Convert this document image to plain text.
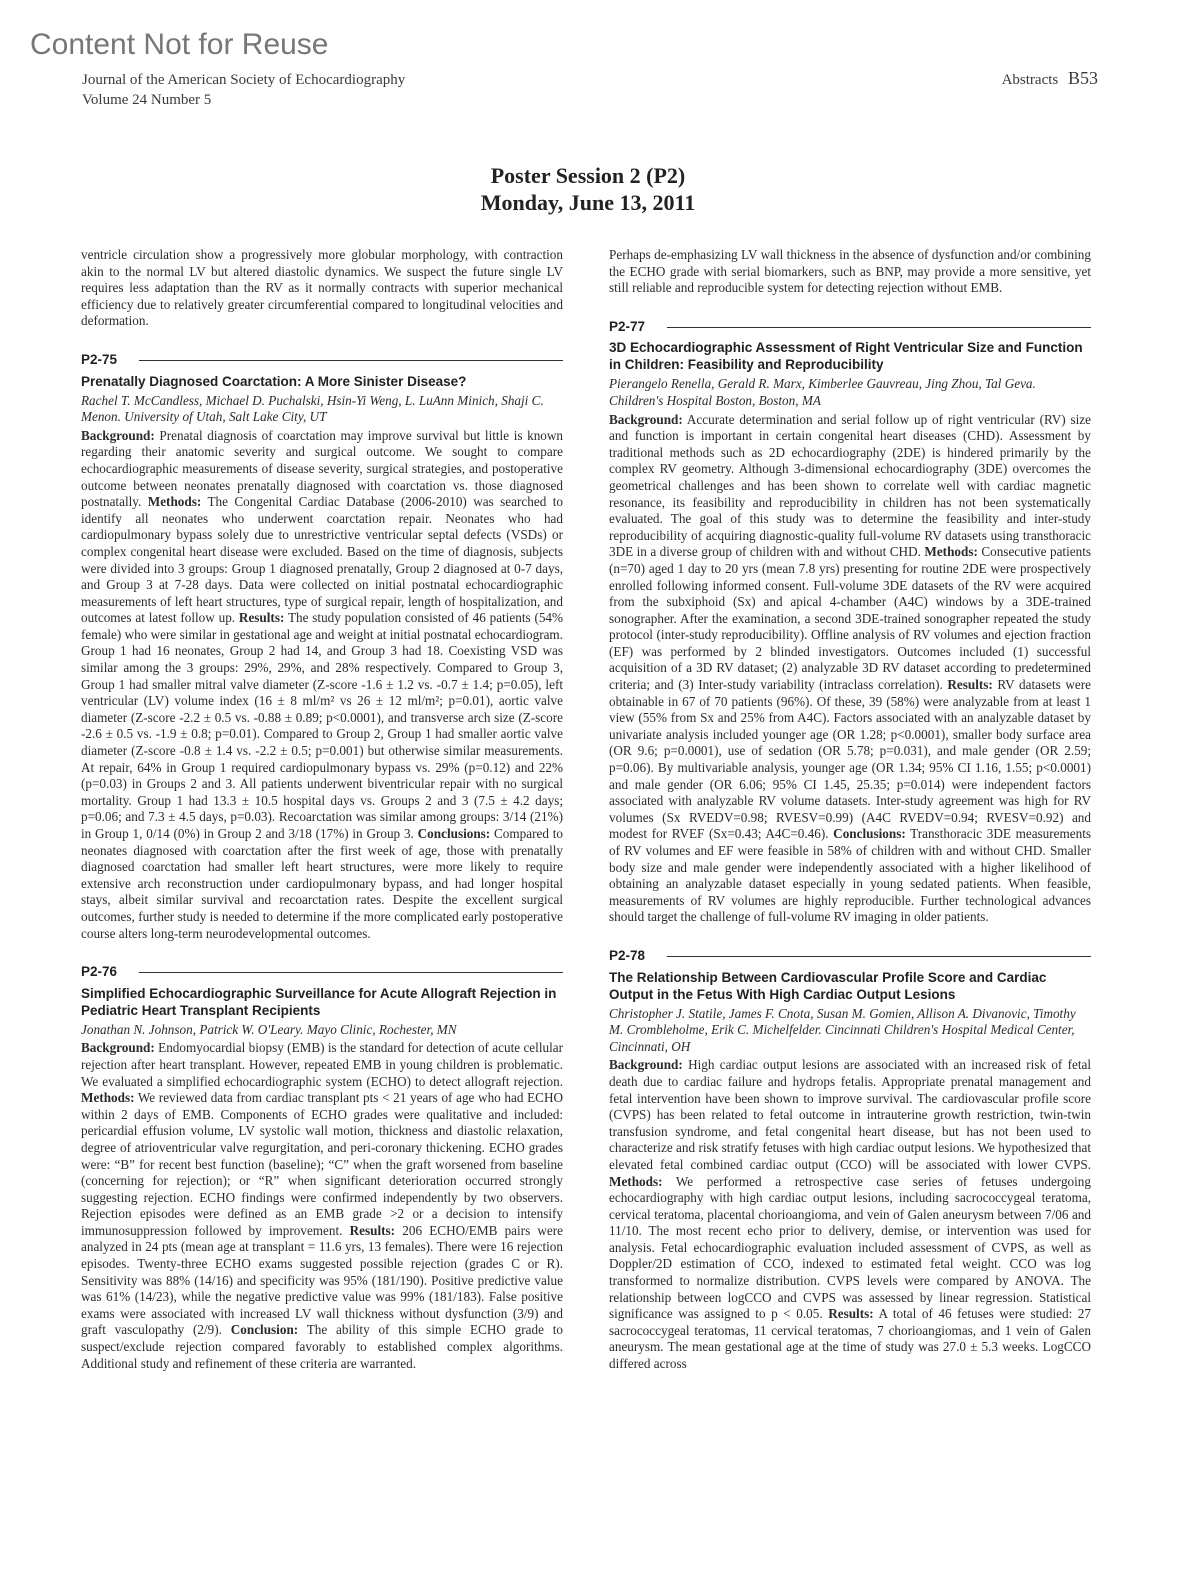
Content Not for Reuse
Journal of the American Society of Echocardiography
Volume 24 Number 5
Abstracts B53
Poster Session 2 (P2)
Monday, June 13, 2011

ventricle circulation show a progressively more globular morphology, with contraction akin to the normal LV but altered diastolic dynamics. We suspect the future single LV requires less adaptation than the RV as it normally contracts with superior mechanical efficiency due to relatively greater circumferential compared to longitudinal velocities and deformation.

P2-75
Prenatally Diagnosed Coarctation: A More Sinister Disease?
Rachel T. McCandless, Michael D. Puchalski, Hsin-Yi Weng, L. LuAnn Minich, Shaji C. Menon. University of Utah, Salt Lake City, UT

Background: Prenatal diagnosis of coarctation may improve survival but little is known regarding their anatomic severity and surgical outcome. We sought to compare echocardiographic measurements of disease severity, surgical strategies, and postoperative outcome between neonates prenatally diagnosed with coarctation vs. those diagnosed postnatally. Methods: The Congenital Cardiac Database (2006-2010) was searched to identify all neonates who underwent coarctation repair. Neonates who had cardiopulmonary bypass solely due to unrestrictive ventricular septal defects (VSDs) or complex congenital heart disease were excluded. Based on the time of diagnosis, subjects were divided into 3 groups: Group 1 diagnosed prenatally, Group 2 diagnosed at 0-7 days, and Group 3 at 7-28 days. Data were collected on initial postnatal echocardiographic measurements of left heart structures, type of surgical repair, length of hospitalization, and outcomes at latest follow up. Results: The study population consisted of 46 patients (54% female) who were similar in gestational age and weight at initial postnatal echocardiogram. Group 1 had 16 neonates, Group 2 had 14, and Group 3 had 18. Coexisting VSD was similar among the 3 groups: 29%, 29%, and 28% respectively. Compared to Group 3, Group 1 had smaller mitral valve diameter (Z-score -1.6 ± 1.2 vs. -0.7 ± 1.4; p=0.05), left ventricular (LV) volume index (16 ± 8 ml/m² vs 26 ± 12 ml/m²; p=0.01), aortic valve diameter (Z-score -2.2 ± 0.5 vs. -0.88 ± 0.89; p<0.0001), and transverse arch size (Z-score -2.6 ± 0.5 vs. -1.9 ± 0.8; p=0.01). Compared to Group 2, Group 1 had smaller aortic valve diameter (Z-score -0.8 ± 1.4 vs. -2.2 ± 0.5; p=0.001) but otherwise similar measurements. At repair, 64% in Group 1 required cardiopulmonary bypass vs. 29% (p=0.12) and 22% (p=0.03) in Groups 2 and 3. All patients underwent biventricular repair with no surgical mortality. Group 1 had 13.3 ± 10.5 hospital days vs. Groups 2 and 3 (7.5 ± 4.2 days; p=0.06; and 7.3 ± 4.5 days, p=0.03). Recoarctation was similar among groups: 3/14 (21%) in Group 1, 0/14 (0%) in Group 2 and 3/18 (17%) in Group 3. Conclusions: Compared to neonates diagnosed with coarctation after the first week of age, those with prenatally diagnosed coarctation had smaller left heart structures, were more likely to require extensive arch reconstruction under cardiopulmonary bypass, and had longer hospital stays, albeit similar survival and recoarctation rates. Despite the excellent surgical outcomes, further study is needed to determine if the more complicated early postoperative course alters long-term neurodevelopmental outcomes.

P2-76
Simplified Echocardiographic Surveillance for Acute Allograft Rejection in Pediatric Heart Transplant Recipients
Jonathan N. Johnson, Patrick W. O'Leary. Mayo Clinic, Rochester, MN

Background: Endomyocardial biopsy (EMB) is the standard for detection of acute cellular rejection after heart transplant. However, repeated EMB in young children is problematic. We evaluated a simplified echocardiographic system (ECHO) to detect allograft rejection. Methods: We reviewed data from cardiac transplant pts < 21 years of age who had ECHO within 2 days of EMB. Components of ECHO grades were qualitative and included: pericardial effusion volume, LV systolic wall motion, thickness and diastolic relaxation, degree of atrioventricular valve regurgitation, and peri-coronary thickening. ECHO grades were: “B” for recent best function (baseline); “C” when the graft worsened from baseline (concerning for rejection); or “R” when significant deterioration occurred strongly suggesting rejection. ECHO findings were confirmed independently by two observers. Rejection episodes were defined as an EMB grade >2 or a decision to intensify immunosuppression followed by improvement. Results: 206 ECHO/EMB pairs were analyzed in 24 pts (mean age at transplant = 11.6 yrs, 13 females). There were 16 rejection episodes. Twenty-three ECHO exams suggested possible rejection (grades C or R). Sensitivity was 88% (14/16) and specificity was 95% (181/190). Positive predictive value was 61% (14/23), while the negative predictive value was 99% (181/183). False positive exams were associated with increased LV wall thickness without dysfunction (3/9) and graft vasculopathy (2/9). Conclusion: The ability of this simple ECHO grade to suspect/exclude rejection compared favorably to established complex algorithms. Additional study and refinement of these criteria are warranted.

Perhaps de-emphasizing LV wall thickness in the absence of dysfunction and/or combining the ECHO grade with serial biomarkers, such as BNP, may provide a more sensitive, yet still reliable and reproducible system for detecting rejection without EMB.

P2-77
3D Echocardiographic Assessment of Right Ventricular Size and Function in Children: Feasibility and Reproducibility
Pierangelo Renella, Gerald R. Marx, Kimberlee Gauvreau, Jing Zhou, Tal Geva. Children's Hospital Boston, Boston, MA

Background: Accurate determination and serial follow up of right ventricular (RV) size and function is important in certain congenital heart diseases (CHD). Assessment by traditional methods such as 2D echocardiography (2DE) is hindered primarily by the complex RV geometry. Although 3-dimensional echocardiography (3DE) overcomes the geometrical challenges and has been shown to correlate well with cardiac magnetic resonance, its feasibility and reproducibility in children has not been systematically evaluated. The goal of this study was to determine the feasibility and inter-study reproducibility of acquiring diagnostic-quality full-volume RV datasets using transthoracic 3DE in a diverse group of children with and without CHD. Methods: Consecutive patients (n=70) aged 1 day to 20 yrs (mean 7.8 yrs) presenting for routine 2DE were prospectively enrolled following informed consent. Full-volume 3DE datasets of the RV were acquired from the subxiphoid (Sx) and apical 4-chamber (A4C) windows by a 3DE-trained sonographer. After the examination, a second 3DE-trained sonographer repeated the study protocol (inter-study reproducibility). Offline analysis of RV volumes and ejection fraction (EF) was performed by 2 blinded investigators. Outcomes included (1) successful acquisition of a 3D RV dataset; (2) analyzable 3D RV dataset according to predetermined criteria; and (3) Inter-study variability (intraclass correlation). Results: RV datasets were obtainable in 67 of 70 patients (96%). Of these, 39 (58%) were analyzable from at least 1 view (55% from Sx and 25% from A4C). Factors associated with an analyzable dataset by univariate analysis included younger age (OR 1.28; p<0.0001), smaller body surface area (OR 9.6; p=0.0001), use of sedation (OR 5.78; p=0.031), and male gender (OR 2.59; p=0.06). By multivariable analysis, younger age (OR 1.34; 95% CI 1.16, 1.55; p<0.0001) and male gender (OR 6.06; 95% CI 1.45, 25.35; p=0.014) were independent factors associated with analyzable RV volume datasets. Inter-study agreement was high for RV volumes (Sx RVEDV=0.98; RVESV=0.99) (A4C RVEDV=0.94; RVESV=0.92) and modest for RVEF (Sx=0.43; A4C=0.46). Conclusions: Transthoracic 3DE measurements of RV volumes and EF were feasible in 58% of children with and without CHD. Smaller body size and male gender were independently associated with a higher likelihood of obtaining an analyzable dataset especially in young sedated patients. When feasible, measurements of RV volumes are highly reproducible. Further technological advances should target the challenge of full-volume RV imaging in older patients.

P2-78
The Relationship Between Cardiovascular Profile Score and Cardiac Output in the Fetus With High Cardiac Output Lesions
Christopher J. Statile, James F. Cnota, Susan M. Gomien, Allison A. Divanovic, Timothy M. Crombleholme, Erik C. Michelfelder. Cincinnati Children's Hospital Medical Center, Cincinnati, OH

Background: High cardiac output lesions are associated with an increased risk of fetal death due to cardiac failure and hydrops fetalis. Appropriate prenatal management and fetal intervention have been shown to improve survival. The cardiovascular profile score (CVPS) has been related to fetal outcome in intrauterine growth restriction, twin-twin transfusion syndrome, and fetal congenital heart disease, but has not been used to characterize and risk stratify fetuses with high cardiac output lesions. We hypothesized that elevated fetal combined cardiac output (CCO) will be associated with lower CVPS. Methods: We performed a retrospective case series of fetuses undergoing echocardiography with high cardiac output lesions, including sacrococcygeal teratoma, cervical teratoma, placental chorioangioma, and vein of Galen aneurysm between 7/06 and 11/10. The most recent echo prior to delivery, demise, or intervention was used for analysis. Fetal echocardiographic evaluation included assessment of CVPS, as well as Doppler/2D estimation of CCO, indexed to estimated fetal weight. CCO was log transformed to normalize distribution. CVPS levels were compared by ANOVA. The relationship between logCCO and CVPS was assessed by linear regression. Statistical significance was assigned to p < 0.05. Results: A total of 46 fetuses were studied: 27 sacrococcygeal teratomas, 11 cervical teratomas, 7 chorioangiomas, and 1 vein of Galen aneurysm. The mean gestational age at the time of study was 27.0 ± 5.3 weeks. LogCCO differed across
